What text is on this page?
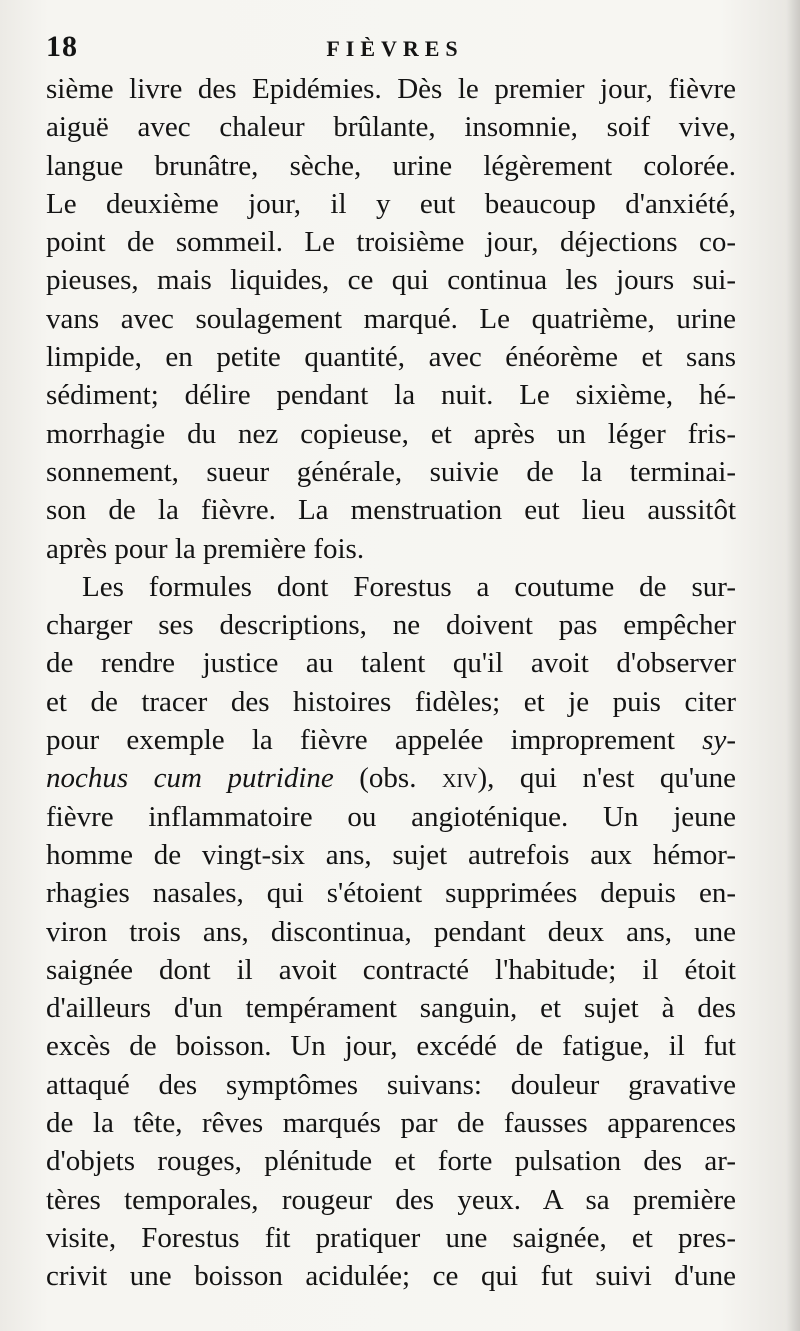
18	FIÈVRES
sième livre des Epidémies. Dès le premier jour, fièvre
aiguë avec chaleur brûlante, insomnie, soif vive,
langue brunâtre, sèche, urine légèrement colorée.
Le deuxième jour, il y eut beaucoup d'anxiété,
point de sommeil. Le troisième jour, déjections co-
pieuses, mais liquides, ce qui continua les jours sui-
vans avec soulagement marqué. Le quatrième, urine
limpide, en petite quantité, avec énéorème et sans
sédiment; délire pendant la nuit. Le sixième, hé-
morrhagie du nez copieuse, et après un léger fris-
sonnement, sueur générale, suivie de la terminai-
son de la fièvre. La menstruation eut lieu aussitôt
après pour la première fois.
Les formules dont Forestus a coutume de sur-
charger ses descriptions, ne doivent pas empêcher
de rendre justice au talent qu'il avoit d'observer
et de tracer des histoires fidèles; et je puis citer
pour exemple la fièvre appelée improprement sy-
nochus cum putridine (obs. xiv), qui n'est qu'une
fièvre inflammatoire ou angioténique. Un jeune
homme de vingt-six ans, sujet autrefois aux hémor-
rhagies nasales, qui s'étoient supprimées depuis en-
viron trois ans, discontinua, pendant deux ans, une
saignée dont il avoit contracté l'habitude; il étoit
d'ailleurs d'un tempérament sanguin, et sujet à des
excès de boisson. Un jour, excédé de fatigue, il fut
attaqué des symptômes suivans: douleur gravative
de la tête, rêves marqués par de fausses apparences
d'objets rouges, plénitude et forte pulsation des ar-
tères temporales, rougeur des yeux. A sa première
visite, Forestus fit pratiquer une saignée, et pres-
crivit une boisson acidulée; ce qui fut suivi d'une
